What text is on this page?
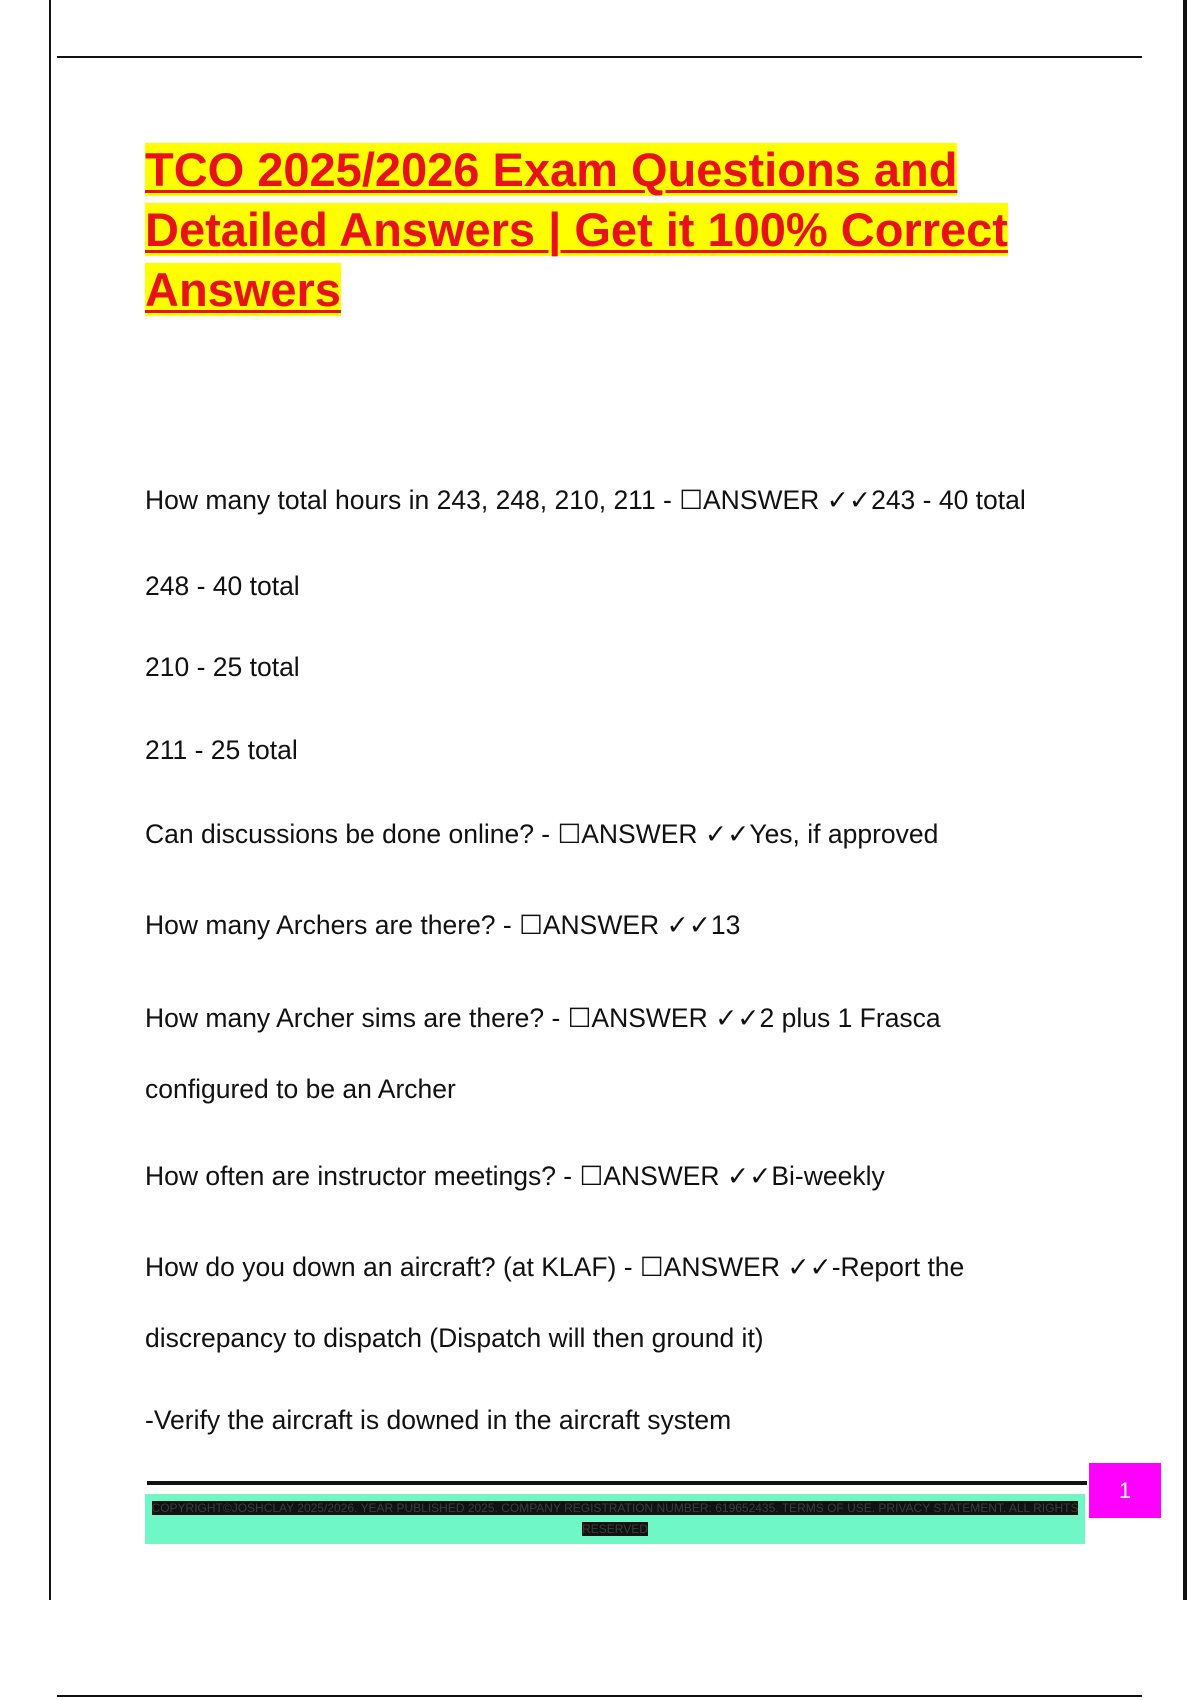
TCO 2025/2026 Exam Questions and Detailed Answers | Get it 100% Correct Answers
How many total hours in 243, 248, 210, 211 - ☐ANSWER ✓✓243 - 40 total
248 - 40 total
210 - 25 total
211 - 25 total
Can discussions be done online? - ☐ANSWER ✓✓Yes, if approved
How many Archers are there? - ☐ANSWER ✓✓13
How many Archer sims are there? - ☐ANSWER ✓✓2 plus 1 Frasca
configured to be an Archer
How often are instructor meetings? - ☐ANSWER ✓✓Bi-weekly
How do you down an aircraft? (at KLAF) - ☐ANSWER ✓✓-Report the
discrepancy to dispatch (Dispatch will then ground it)
-Verify the aircraft is downed in the aircraft system
COPYRIGHT©JOSHCLAY 2025/2026. YEAR PUBLISHED 2025. COMPANY REGISTRATION NUMBER: 619652435. TERMS OF USE. PRIVACY STATEMENT. ALL RIGHTS RESERVED
1
